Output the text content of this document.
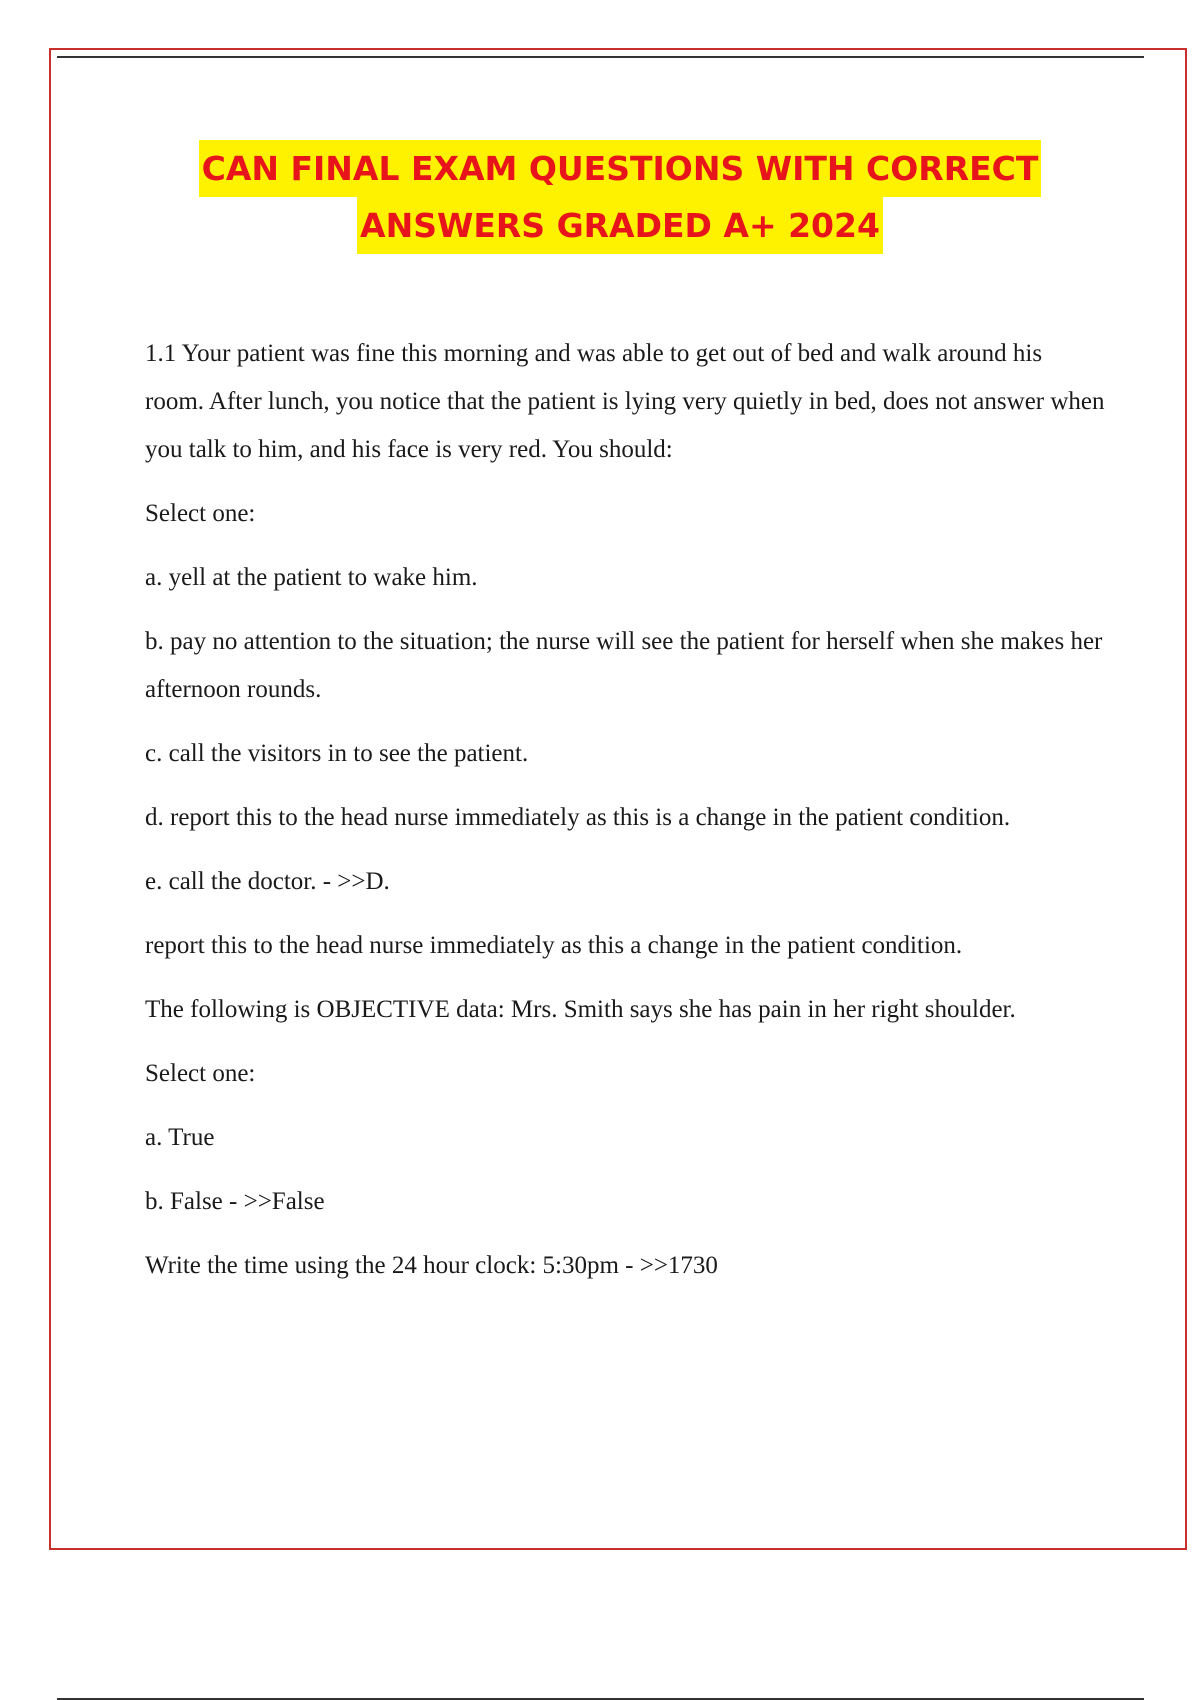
CAN FINAL EXAM QUESTIONS WITH CORRECT
ANSWERS GRADED A+ 2024

1.1 Your patient was fine this morning and was able to get out of bed and walk around his room. After lunch, you notice that the patient is lying very quietly in bed, does not answer when you talk to him, and his face is very red. You should:

Select one:

a. yell at the patient to wake him.

b. pay no attention to the situation; the nurse will see the patient for herself when she makes her afternoon rounds.

c. call the visitors in to see the patient.

d. report this to the head nurse immediately as this is a change in the patient condition.

e. call the doctor. - >>D.

report this to the head nurse immediately as this a change in the patient condition.

The following is OBJECTIVE data: Mrs. Smith says she has pain in her right shoulder.

Select one:

a. True

b. False - >>False

Write the time using the 24 hour clock: 5:30pm - >>1730
